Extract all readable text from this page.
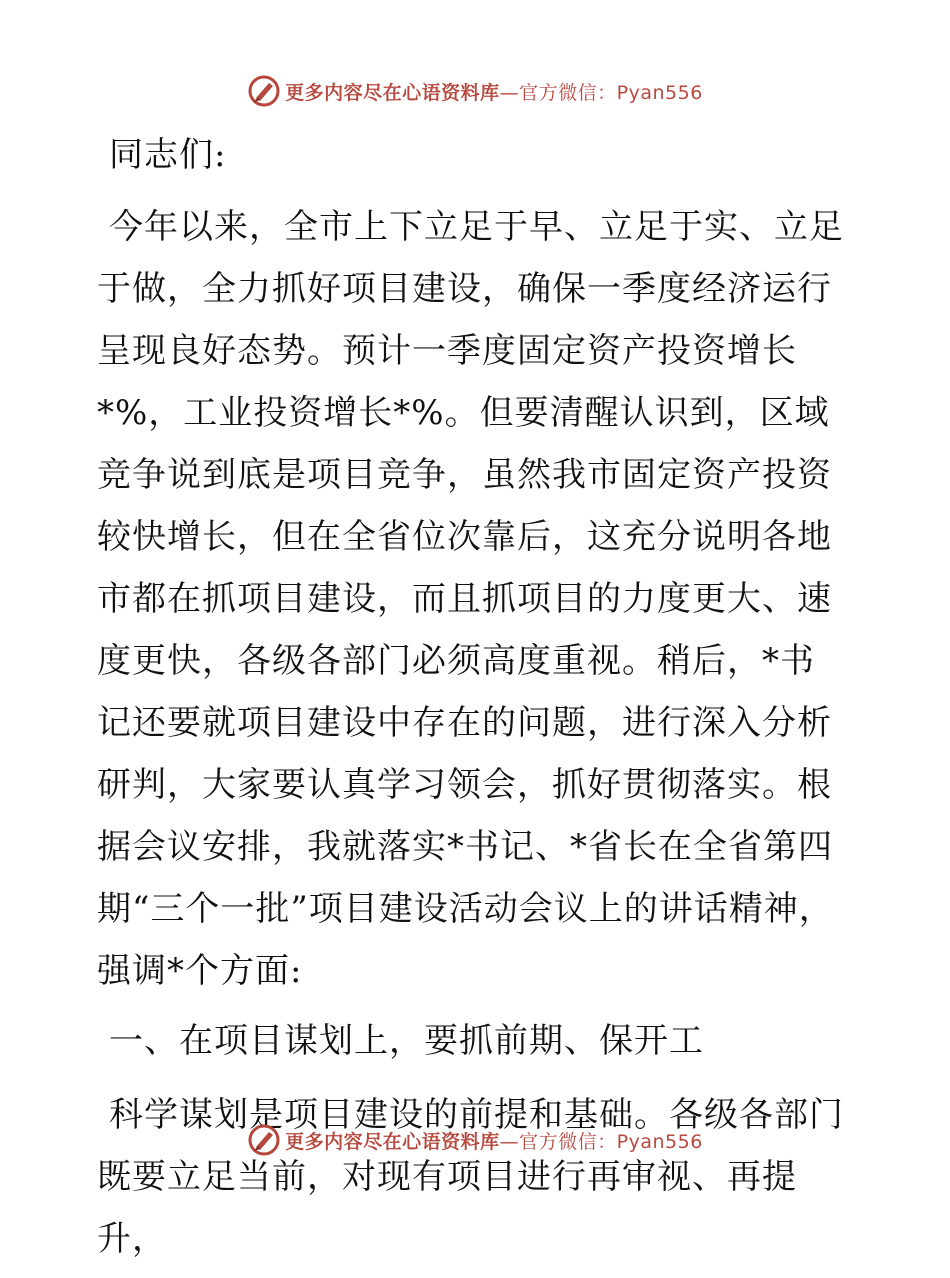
更多内容尽在心语资料库—官方微信：Pyan556

同志们:

今年以来，全市上下立足于早、立足于实、立足于做，全力抓好项目建设，确保一季度经济运行呈现良好态势。预计一季度固定资产投资增长*%，工业投资增长*%。但要清醒认识到，区域竞争说到底是项目竞争，虽然我市固定资产投资较快增长，但在全省位次靠后，这充分说明各地市都在抓项目建设，而且抓项目的力度更大、速度更快，各级各部门必须高度重视。稍后，*书记还要就项目建设中存在的问题，进行深入分析研判，大家要认真学习领会，抓好贯彻落实。根据会议安排，我就落实*书记、*省长在全省第四期“三个一批”项目建设活动会议上的讲话精神，强调*个方面:

一、在项目谋划上，要抓前期、保开工

科学谋划是项目建设的前提和基础。各级各部门既要立足当前，对现有项目进行再审视、再提升，

更多内容尽在心语资料库—官方微信：Pyan556
